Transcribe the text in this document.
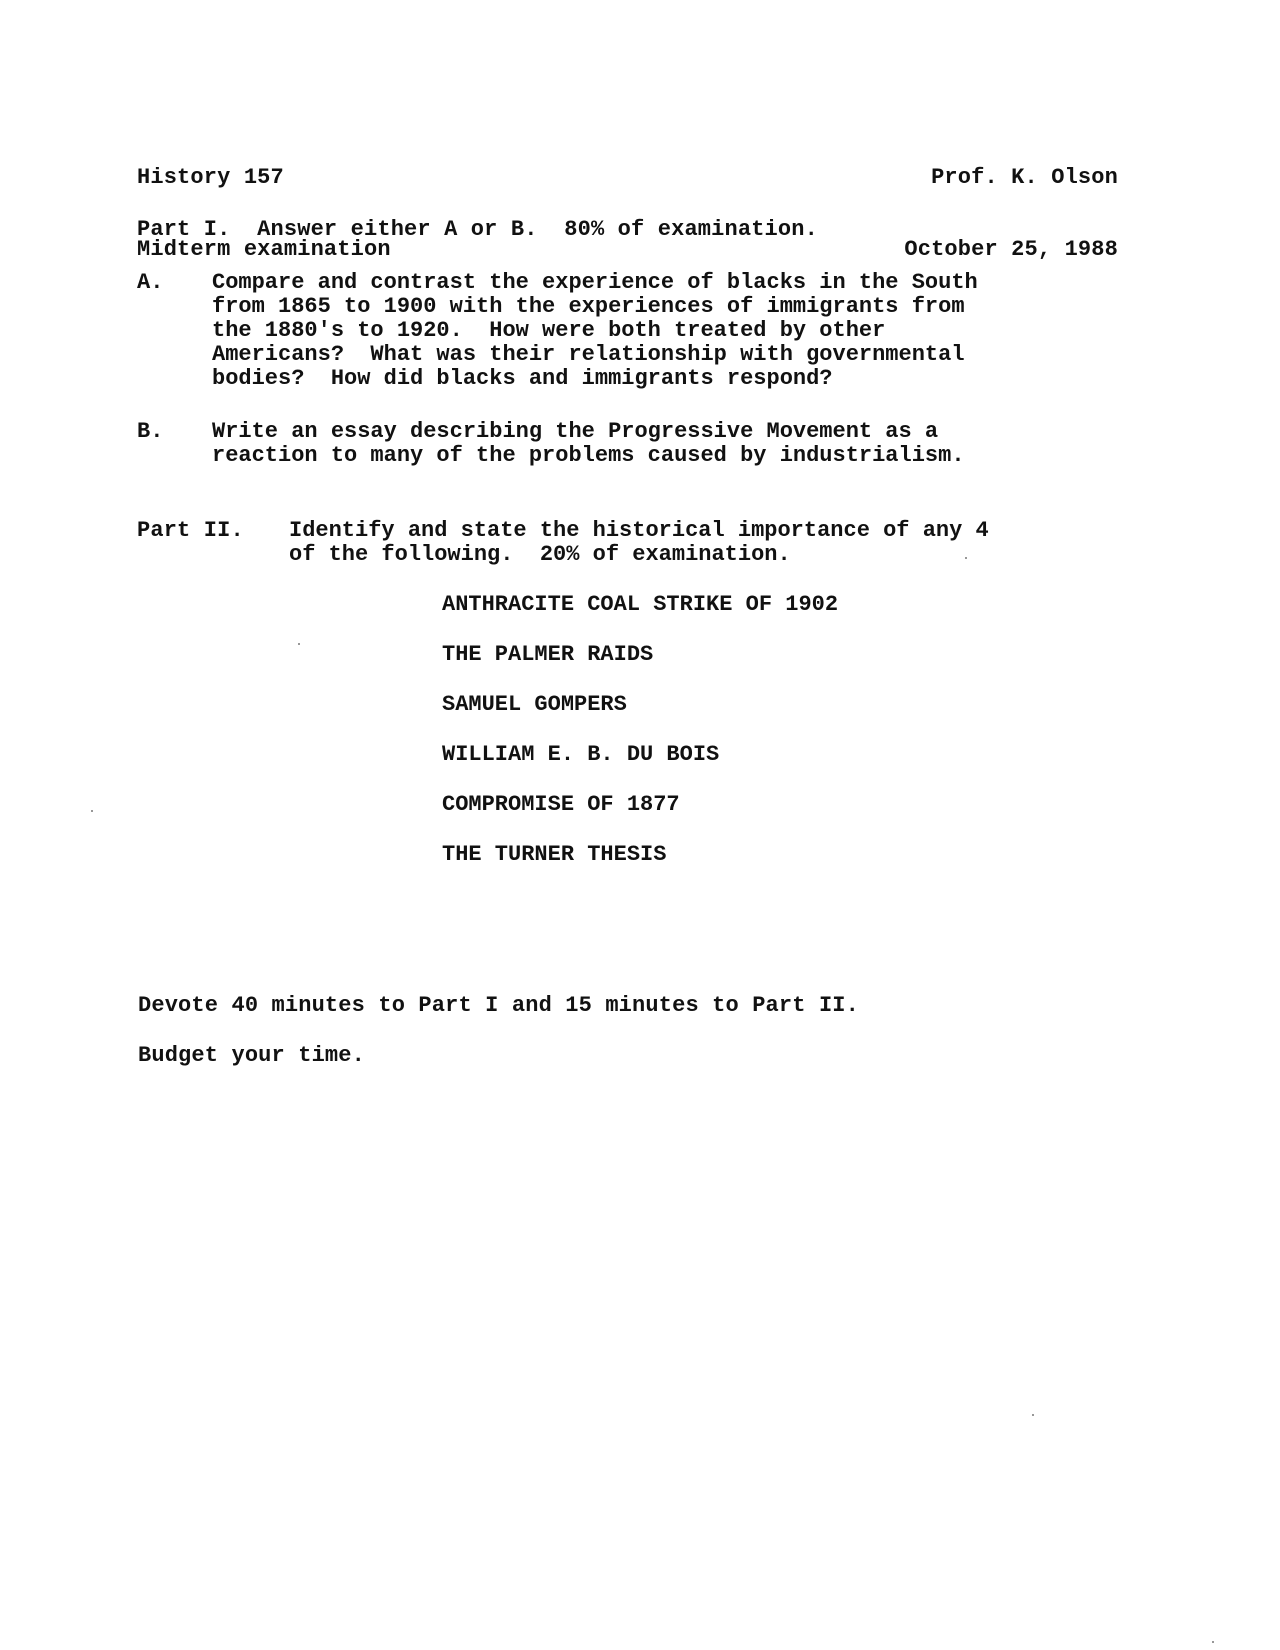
History 157

Midterm examination

Prof. K. Olson

October 25, 1988

Part I.  Answer either A or B.  80% of examination.
A. Compare and contrast the experience of blacks in the South
from 1865 to 1900 with the experiences of immigrants from
the 1880's to 1920.  How were both treated by other
Americans?  What was their relationship with governmental
bodies?  How did blacks and immigrants respond?
B. Write an essay describing the Progressive Movement as a
reaction to many of the problems caused by industrialism.
Part II. Identify and state the historical importance of any 4
of the following.  20% of examination.
ANTHRACITE COAL STRIKE OF 1902
THE PALMER RAIDS
SAMUEL GOMPERS
WILLIAM E. B. DU BOIS
COMPROMISE OF 1877
THE TURNER THESIS
Devote 40 minutes to Part I and 15 minutes to Part II.
Budget your time.
